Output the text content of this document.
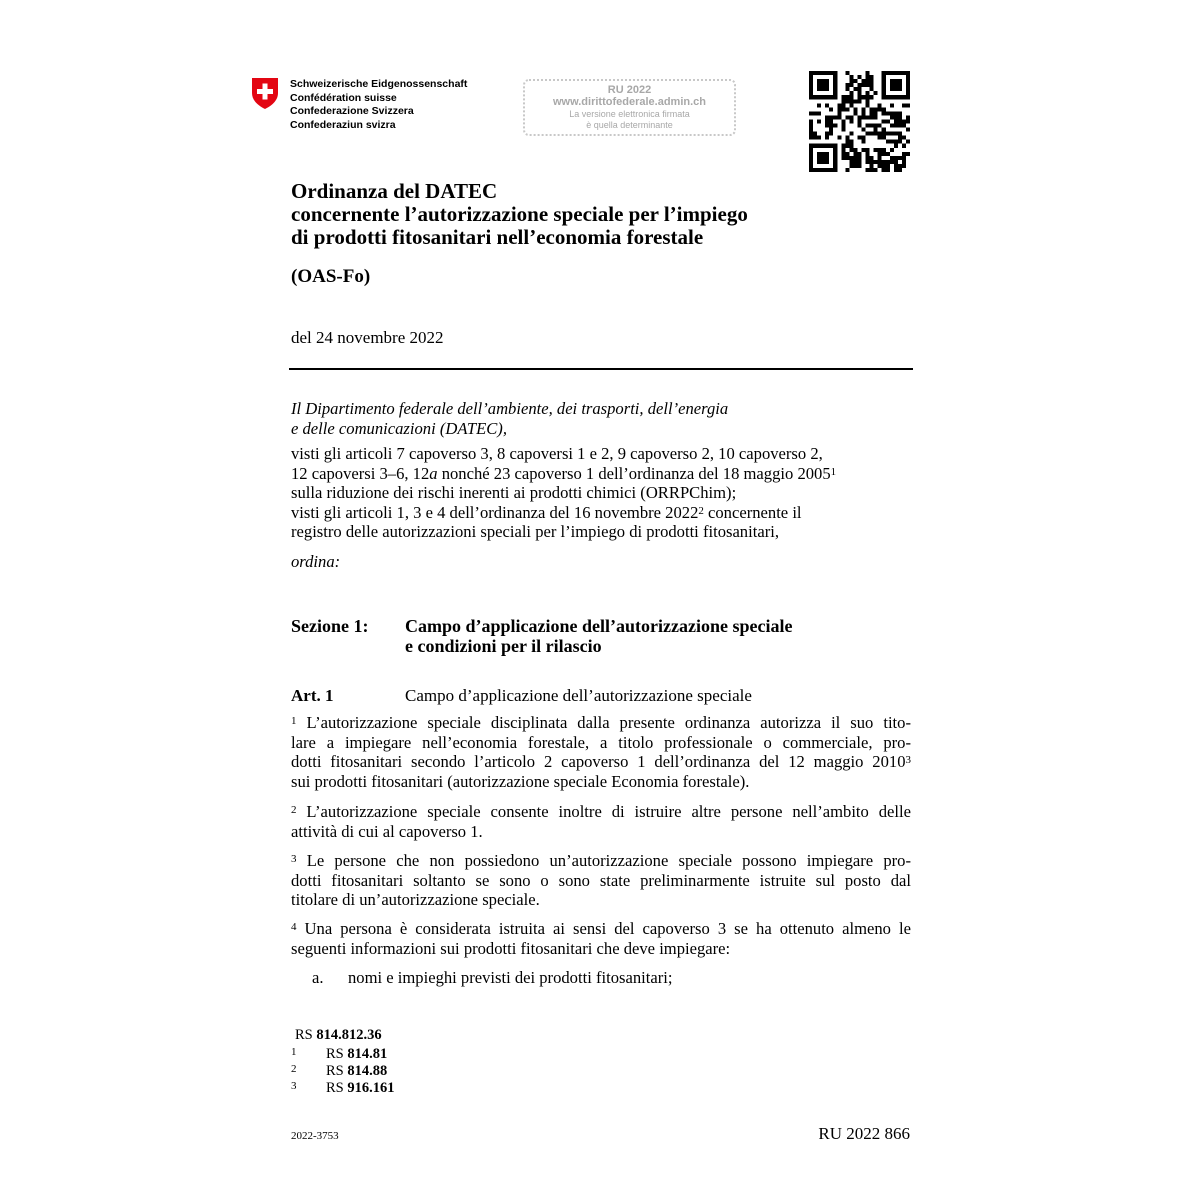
Schweizerische Eidgenossenschaft
Confédération suisse
Confederazione Svizzera
Confederaziun svizra
RU 2022
www.dirittofederale.admin.ch
La versione elettronica firmata
è quella determinante
Ordinanza del DATEC
concernente l’autorizzazione speciale per l’impiego
di prodotti fitosanitari nell’economia forestale
(OAS-Fo)
del 24 novembre 2022
Il Dipartimento federale dell’ambiente, dei trasporti, dell’energia
e delle comunicazioni (DATEC),
visti gli articoli 7 capoverso 3, 8 capoversi 1 e 2, 9 capoverso 2, 10 capoverso 2,
12 capoversi 3–6, 12a nonché 23 capoverso 1 dell’ordinanza del 18 maggio 2005$^1$
sulla riduzione dei rischi inerenti ai prodotti chimici (ORRPChim);
visti gli articoli 1, 3 e 4 dell’ordinanza del 16 novembre 2022$^2$ concernente il
registro delle autorizzazioni speciali per l’impiego di prodotti fitosanitari,
ordina:
Sezione 1: Campo d’applicazione dell’autorizzazione speciale
e condizioni per il rilascio
Art. 1	Campo d’applicazione dell’autorizzazione speciale
$^1$ L’autorizzazione speciale disciplinata dalla presente ordinanza autorizza il suo tito-
lare a impiegare nell’economia forestale, a titolo professionale o commerciale, pro-
dotti fitosanitari secondo l’articolo 2 capoverso 1 dell’ordinanza del 12 maggio 2010$^3$
sui prodotti fitosanitari (autorizzazione speciale Economia forestale).
$^2$ L’autorizzazione speciale consente inoltre di istruire altre persone nell’ambito delle
attività di cui al capoverso 1.
$^3$ Le persone che non possiedono un’autorizzazione speciale possono impiegare pro-
dotti fitosanitari soltanto se sono o sono state preliminarmente istruite sul posto dal
titolare di un’autorizzazione speciale.
$^4$ Una persona è considerata istruita ai sensi del capoverso 3 se ha ottenuto almeno le
seguenti informazioni sui prodotti fitosanitari che deve impiegare:
a. nomi e impieghi previsti dei prodotti fitosanitari;
RS 814.812.36
1 RS 814.81
2 RS 814.88
3 RS 916.161
2022-3753	RU 2022 866
